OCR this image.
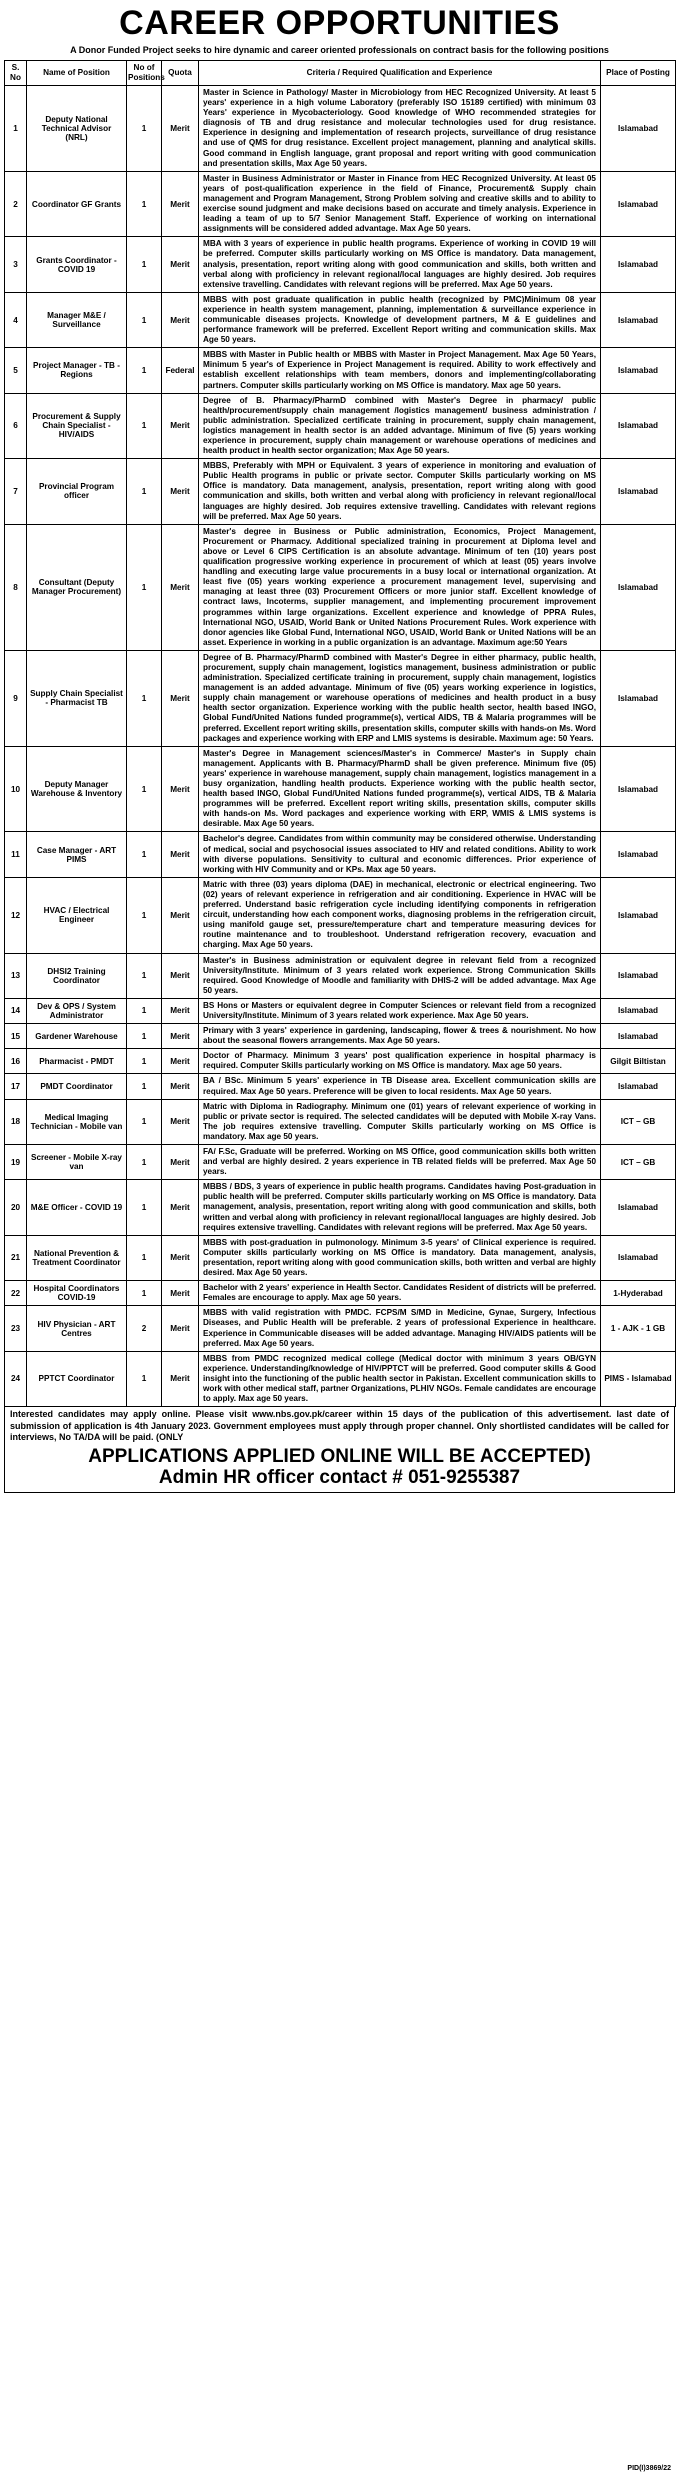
CAREER OPPORTUNITIES
A Donor Funded Project seeks to hire dynamic and career oriented professionals on contract basis for the following positions
S. No	Name of Position	No of Positions	Quota	Criteria / Required Qualification and Experience	Place of Posting
1	Deputy National Technical Advisor (NRL)	1	Merit	Master in Science in Pathology/ Master in Microbiology from HEC Recognized University. At least 5 years' experience in a high volume Laboratory (preferably ISO 15189 certified) with minimum 03 Years' experience in Mycobacteriology. Good knowledge of WHO recommended strategies for diagnosis of TB and drug resistance and molecular technologies used for drug resistance. Experience in designing and implementation of research projects, surveillance of drug resistance and use of QMS for drug resistance. Excellent project management, planning and analytical skills. Good command in English language, grant proposal and report writing with good communication and presentation skills, Max Age 50 years.	Islamabad
2	Coordinator GF Grants	1	Merit	Master in Business Administrator or Master in Finance from HEC Recognized University. At least 05 years of post-qualification experience in the field of Finance, Procurement& Supply chain management and Program Management, Strong Problem solving and creative skills and to ability to exercise sound judgment and make decisions based on accurate and timely analysis. Experience in leading a team of up to 5/7 Senior Management Staff. Experience of working on international assignments will be considered added advantage. Max Age 50 years.	Islamabad
3	Grants Coordinator - COVID 19	1	Merit	MBA with 3 years of experience in public health programs. Experience of working in COVID 19 will be preferred. Computer skills particularly working on MS Office is mandatory. Data management, analysis, presentation, report writing along with good communication and skills, both written and verbal along with proficiency in relevant regional/local languages are highly desired. Job requires extensive travelling. Candidates with relevant regions will be preferred. Max Age 50 years.	Islamabad
4	Manager M&E / Surveillance	1	Merit	MBBS with post graduate qualification in public health (recognized by PMC)Minimum 08 year experience in health system management, planning, implementation & surveillance experience in communicable diseases projects. Knowledge of development partners, M & E guidelines and performance framework will be preferred. Excellent Report writing and communication skills. Max Age 50 years.	Islamabad
5	Project Manager - TB -Regions	1	Federal	MBBS with Master in Public health or MBBS with Master in Project Management. Max Age 50 Years, Minimum 5 year's of Experience in Project Management is required. Ability to work effectively and establish excellent relationships with team members, donors and implementing/collaborating partners. Computer skills particularly working on MS Office is mandatory. Max age 50 years.	Islamabad
6	Procurement & Supply Chain Specialist - HIV/AIDS	1	Merit	Degree of B. Pharmacy/PharmD combined with Master's Degree in pharmacy/ public health/procurement/supply chain management /logistics management/ business administration / public administration. Specialized certificate training in procurement, supply chain management, logistics management in health sector is an added advantage. Minimum of five (5) years working experience in procurement, supply chain management or warehouse operations of medicines and health product in health sector organization; Max Age 50 years.	Islamabad
7	Provincial Program officer	1	Merit	MBBS, Preferably with MPH or Equivalent. 3 years of experience in monitoring and evaluation of Public Health programs in public or private sector. Computer Skills particularly working on MS Office is mandatory. Data management, analysis, presentation, report writing along with good communication and skills, both written and verbal along with proficiency in relevant regional/local languages are highly desired. Job requires extensive travelling. Candidates with relevant regions will be preferred. Max Age 50 years.	Islamabad
8	Consultant (Deputy Manager Procurement)	1	Merit	Master's degree in Business or Public administration, Economics, Project Management, Procurement or Pharmacy. Additional specialized training in procurement at Diploma level and above or Level 6 CIPS Certification is an absolute advantage. Minimum of ten (10) years post qualification progressive working experience in procurement of which at least (05) years involve handling and executing large value procurements in a busy local or international organization. At least five (05) years working experience a procurement management level, supervising and managing at least three (03) Procurement Officers or more junior staff. Excellent knowledge of contract laws, Incoterms, supplier management, and implementing procurement improvement programmes within large organizations. Excellent experience and knowledge of PPRA Rules, International NGO, USAID, World Bank or United Nations Procurement Rules. Work experience with donor agencies like Global Fund, International NGO, USAID, World Bank or United Nations will be an asset. Experience in working in a public organization is an advantage. Maximum age:50 Years	Islamabad
9	Supply Chain Specialist - Pharmacist TB	1	Merit	Degree of B. Pharmacy/PharmD combined with Master's Degree in either pharmacy, public health, procurement, supply chain management, logistics management, business administration or public administration. Specialized certificate training in procurement, supply chain management, logistics management is an added advantage. Minimum of five (05) years working experience in logistics, supply chain management or warehouse operations of medicines and health product in a busy health sector organization. Experience working with the public health sector, health based INGO, Global Fund/United Nations funded programme(s), vertical AIDS, TB & Malaria programmes will be preferred. Excellent report writing skills, presentation skills, computer skills with hands-on Ms. Word packages and experience working with ERP and LMIS systems is desirable. Maximum age: 50 Years.	Islamabad
10	Deputy Manager Warehouse & Inventory	1	Merit	Master's Degree in Management sciences/Master's in Commerce/ Master's in Supply chain management. Applicants with B. Pharmacy/PharmD shall be given preference. Minimum five (05) years' experience in warehouse management, supply chain management, logistics management in a busy organization, handling health products. Experience working with the public health sector, health based INGO, Global Fund/United Nations funded programme(s), vertical AIDS, TB & Malaria programmes will be preferred. Excellent report writing skills, presentation skills, computer skills with hands-on Ms. Word packages and experience working with ERP, WMIS & LMIS systems is desirable. Max Age 50 years.	Islamabad
11	Case Manager - ART PIMS	1	Merit	Bachelor's degree. Candidates from within community may be considered otherwise. Understanding of medical, social and psychosocial issues associated to HIV and related conditions. Ability to work with diverse populations. Sensitivity to cultural and economic differences. Prior experience of working with HIV Community and or KPs. Max age 50 years.	Islamabad
12	HVAC / Electrical Engineer	1	Merit	Matric with three (03) years diploma (DAE) in mechanical, electronic or electrical engineering. Two (02) years of relevant experience in refrigeration and air conditioning. Experience in HVAC will be preferred. Understand basic refrigeration cycle including identifying components in refrigeration circuit, understanding how each component works, diagnosing problems in the refrigeration circuit, using manifold gauge set, pressure/temperature chart and temperature measuring devices for routine maintenance and to troubleshoot. Understand refrigeration recovery, evacuation and charging. Max Age 50 years.	Islamabad
13	DHSI2 Training Coordinator	1	Merit	Master's in Business administration or equivalent degree in relevant field from a recognized University/Institute. Minimum of 3 years related work experience. Strong Communication Skills required. Good Knowledge of Moodle and familiarity with DHIS-2 will be added advantage. Max Age 50 years.	Islamabad
14	Dev & OPS / System Administrator	1	Merit	BS Hons or Masters or equivalent degree in Computer Sciences or relevant field from a recognized University/Institute. Minimum of 3 years related work experience. Max Age 50 years.	Islamabad
15	Gardener Warehouse	1	Merit	Primary with 3 years' experience in gardening, landscaping, flower & trees & nourishment. No how about the seasonal flowers arrangements. Max Age 50 years.	Islamabad
16	Pharmacist - PMDT	1	Merit	Doctor of Pharmacy. Minimum 3 years' post qualification experience in hospital pharmacy is required. Computer Skills particularly working on MS Office is mandatory. Max age 50 years.	Gilgit Biltistan
17	PMDT Coordinator	1	Merit	BA / BSc. Minimum 5 years' experience in TB Disease area. Excellent communication skills are required. Max Age 50 years. Preference will be given to local residents. Max Age 50 years.	Islamabad
18	Medical Imaging Technician - Mobile van	1	Merit	Matric with Diploma in Radiography. Minimum one (01) years of relevant experience of working in public or private sector is required. The selected candidates will be deputed with Mobile X-ray Vans. The job requires extensive travelling. Computer Skills particularly working on MS Office is mandatory. Max age 50 years.	ICT – GB
19	Screener - Mobile X-ray van	1	Merit	FA/ F.Sc, Graduate will be preferred. Working on MS Office, good communication skills both written and verbal are highly desired. 2 years experience in TB related fields will be preferred. Max Age 50 years.	ICT – GB
20	M&E Officer - COVID 19	1	Merit	MBBS / BDS, 3 years of experience in public health programs. Candidates having Post-graduation in public health will be preferred. Computer skills particularly working on MS Office is mandatory. Data management, analysis, presentation, report writing along with good communication and skills, both written and verbal along with proficiency in relevant regional/local languages are highly desired. Job requires extensive travelling. Candidates with relevant regions will be preferred. Max Age 50 years.	Islamabad
21	National Prevention & Treatment Coordinator	1	Merit	MBBS with post-graduation in pulmonology. Minimum 3-5 years' of Clinical experience is required. Computer skills particularly working on MS Office is mandatory. Data management, analysis, presentation, report writing along with good communication skills, both written and verbal are highly desired. Max Age 50 years.	Islamabad
22	Hospital Coordinators COVID-19	1	Merit	Bachelor with 2 years' experience in Health Sector. Candidates Resident of districts will be preferred. Females are encourage to apply. Max age 50 years.	1-Hyderabad
23	HIV Physician - ART Centres	2	Merit	MBBS with valid registration with PMDC. FCPS/M S/MD in Medicine, Gynae, Surgery, Infectious Diseases, and Public Health will be preferable. 2 years of professional Experience in healthcare. Experience in Communicable diseases will be added advantage. Managing HIV/AIDS patients will be preferred. Max Age 50 years.	1 - AJK - 1 GB
24	PPTCT Coordinator	1	Merit	MBBS from PMDC recognized medical college (Medical doctor with minimum 3 years OB/GYN experience. Understanding/knowledge of HIV/PPTCT will be preferred. Good computer skills & Good insight into the functioning of the public health sector in Pakistan. Excellent communication skills to work with other medical staff, partner Organizations, PLHIV NGOs. Female candidates are encourage to apply. Max age 50 years.	PIMS - Islamabad
Interested candidates may apply online. Please visit www.nbs.gov.pk/career within 15 days of the publication of this advertisement. last date of submission of application is 4th January 2023. Government employees must apply through proper channel. Only shortlisted candidates will be called for interviews, No TA/DA will be paid. (ONLY
APPLICATIONS APPLIED ONLINE WILL BE ACCEPTED)
Admin HR officer contact # 051-9255387
PID(I)3869/22
